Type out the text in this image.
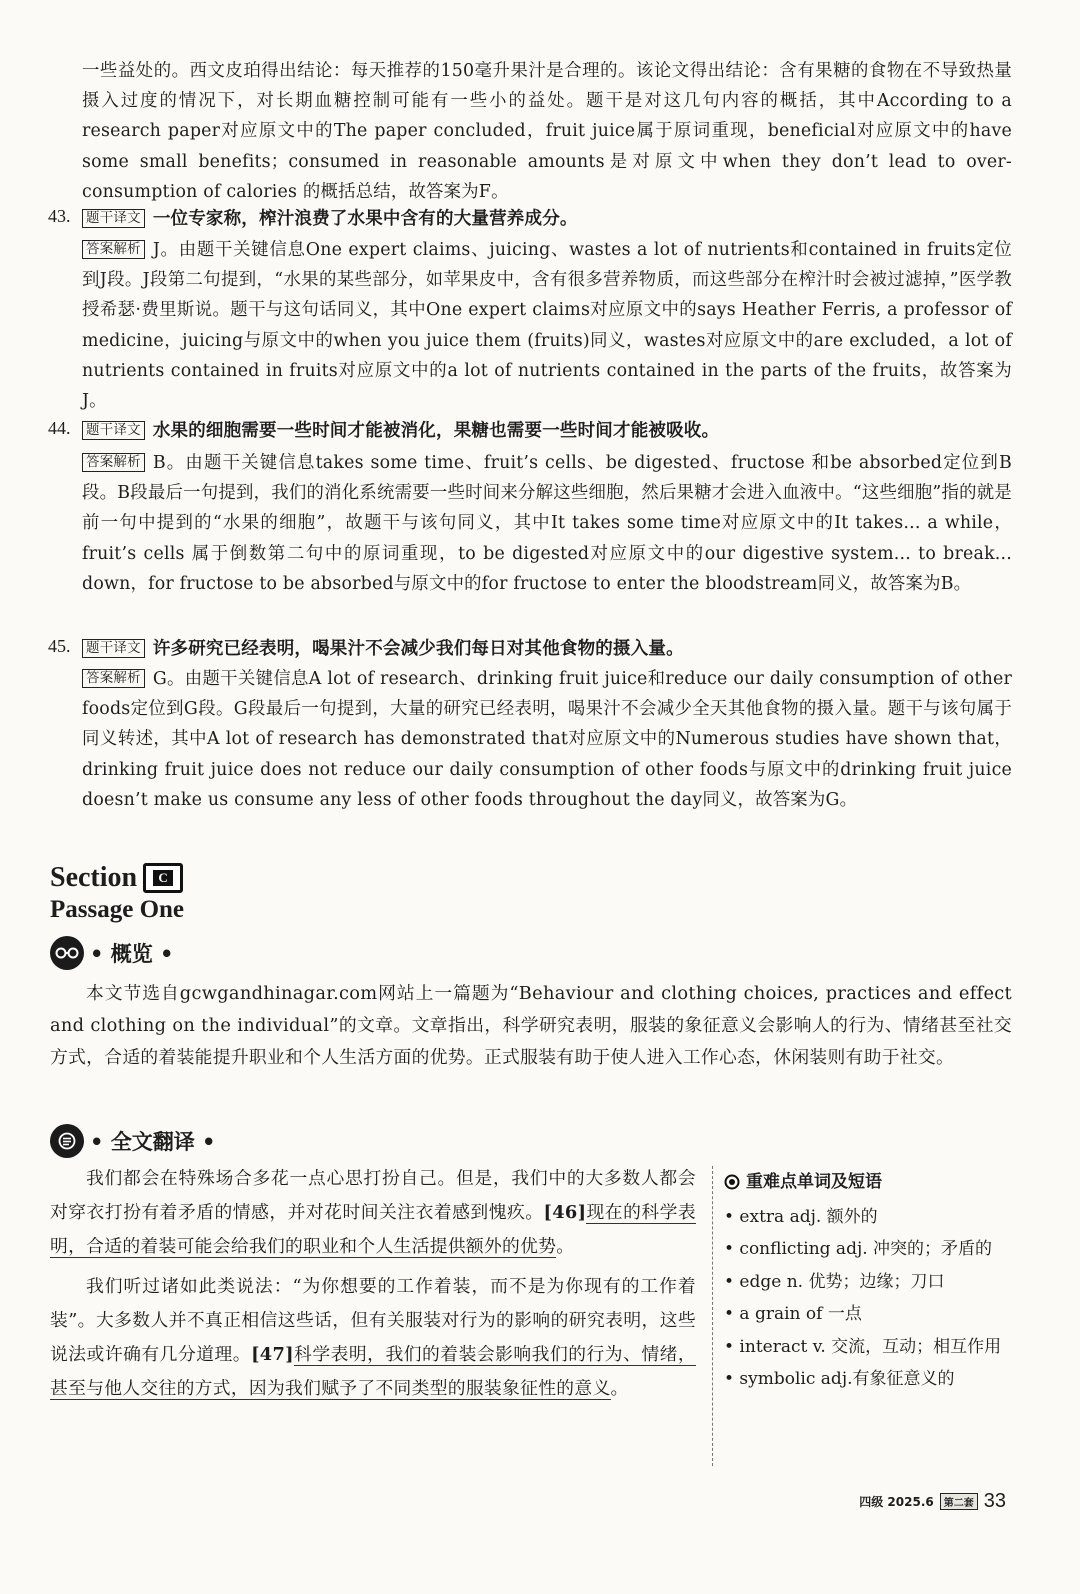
一些益处的。西文皮珀得出结论：每天推荐的150毫升果汁是合理的。该论文得出结论：含有果糖的食物在不导致热量摄入过度的情况下，对长期血糖控制可能有一些小的益处。题干是对这几句内容的概括，其中According to a research paper对应原文中的The paper concluded，fruit juice属于原词重现，beneficial对应原文中的have some small benefits；consumed in reasonable amounts是对原文中when they don’t lead to over-consumption of calories 的概括总结，故答案为F。
43. 题干译文 一位专家称，榨汁浪费了水果中含有的大量营养成分。
答案解析 J。由题干关键信息One expert claims、juicing、wastes a lot of nutrients和contained in fruits定位到J段。J段第二句提到，“水果的某些部分，如苹果皮中，含有很多营养物质，而这些部分在榨汁时会被过滤掉，”医学教授希瑟·费里斯说。题干与这句话同义，其中One expert claims对应原文中的says Heather Ferris, a professor of medicine，juicing与原文中的when you juice them (fruits)同义，wastes对应原文中的are excluded，a lot of nutrients contained in fruits对应原文中的a lot of nutrients contained in the parts of the fruits，故答案为J。
44. 题干译文 水果的细胞需要一些时间才能被消化，果糖也需要一些时间才能被吸收。
答案解析 B。由题干关键信息takes some time、fruit’s cells、be digested、fructose 和be absorbed定位到B段。B段最后一句提到，我们的消化系统需要一些时间来分解这些细胞，然后果糖才会进入血液中。“这些细胞”指的就是前一句中提到的“水果的细胞”，故题干与该句同义，其中It takes some time对应原文中的It takes... a while，fruit’s cells 属于倒数第二句中的原词重现，to be digested对应原文中的our digestive system... to break... down，for fructose to be absorbed与原文中的for fructose to enter the bloodstream同义，故答案为B。
45. 题干译文 许多研究已经表明，喝果汁不会减少我们每日对其他食物的摄入量。
答案解析 G。由题干关键信息A lot of research、drinking fruit juice和reduce our daily consumption of other foods定位到G段。G段最后一句提到，大量的研究已经表明，喝果汁不会减少全天其他食物的摄入量。题干与该句属于同义转述，其中A lot of research has demonstrated that对应原文中的Numerous studies have shown that，drinking fruit juice does not reduce our daily consumption of other foods与原文中的drinking fruit juice doesn’t make us consume any less of other foods throughout the day同义，故答案为G。
Section	C
Passage One
• 概览 •
本文节选自gcwgandhinagar.com网站上一篇题为“Behaviour and clothing choices, practices and effect and clothing on the individual”的文章。文章指出，科学研究表明，服装的象征意义会影响人的行为、情绪甚至社交方式，合适的着装能提升职业和个人生活方面的优势。正式服装有助于使人进入工作心态，休闲装则有助于社交。
• 全文翻译 •

我们都会在特殊场合多花一点心思打扮自己。但是，我们中的大多数人都会对穿衣打扮有着矛盾的情感，并对花时间关注衣着感到愧疚。[46]现在的科学表明，合适的着装可能会给我们的职业和个人生活提供额外的优势。

我们听过诸如此类说法：“为你想要的工作着装，而不是为你现有的工作着装”。大多数人并不真正相信这些话，但有关服装对行为的影响的研究表明，这些说法或许确有几分道理。[47]科学表明，我们的着装会影响我们的行为、情绪，甚至与他人交往的方式，因为我们赋予了不同类型的服装象征性的意义。

重难点单词及短语
• extra adj. 额外的
• conflicting adj. 冲突的；矛盾的
• edge n. 优势；边缘；刀口
• a grain of 一点
• interact v. 交流，互动；相互作用
• symbolic adj.有象征意义的
四级 2025.6	第二套 33
